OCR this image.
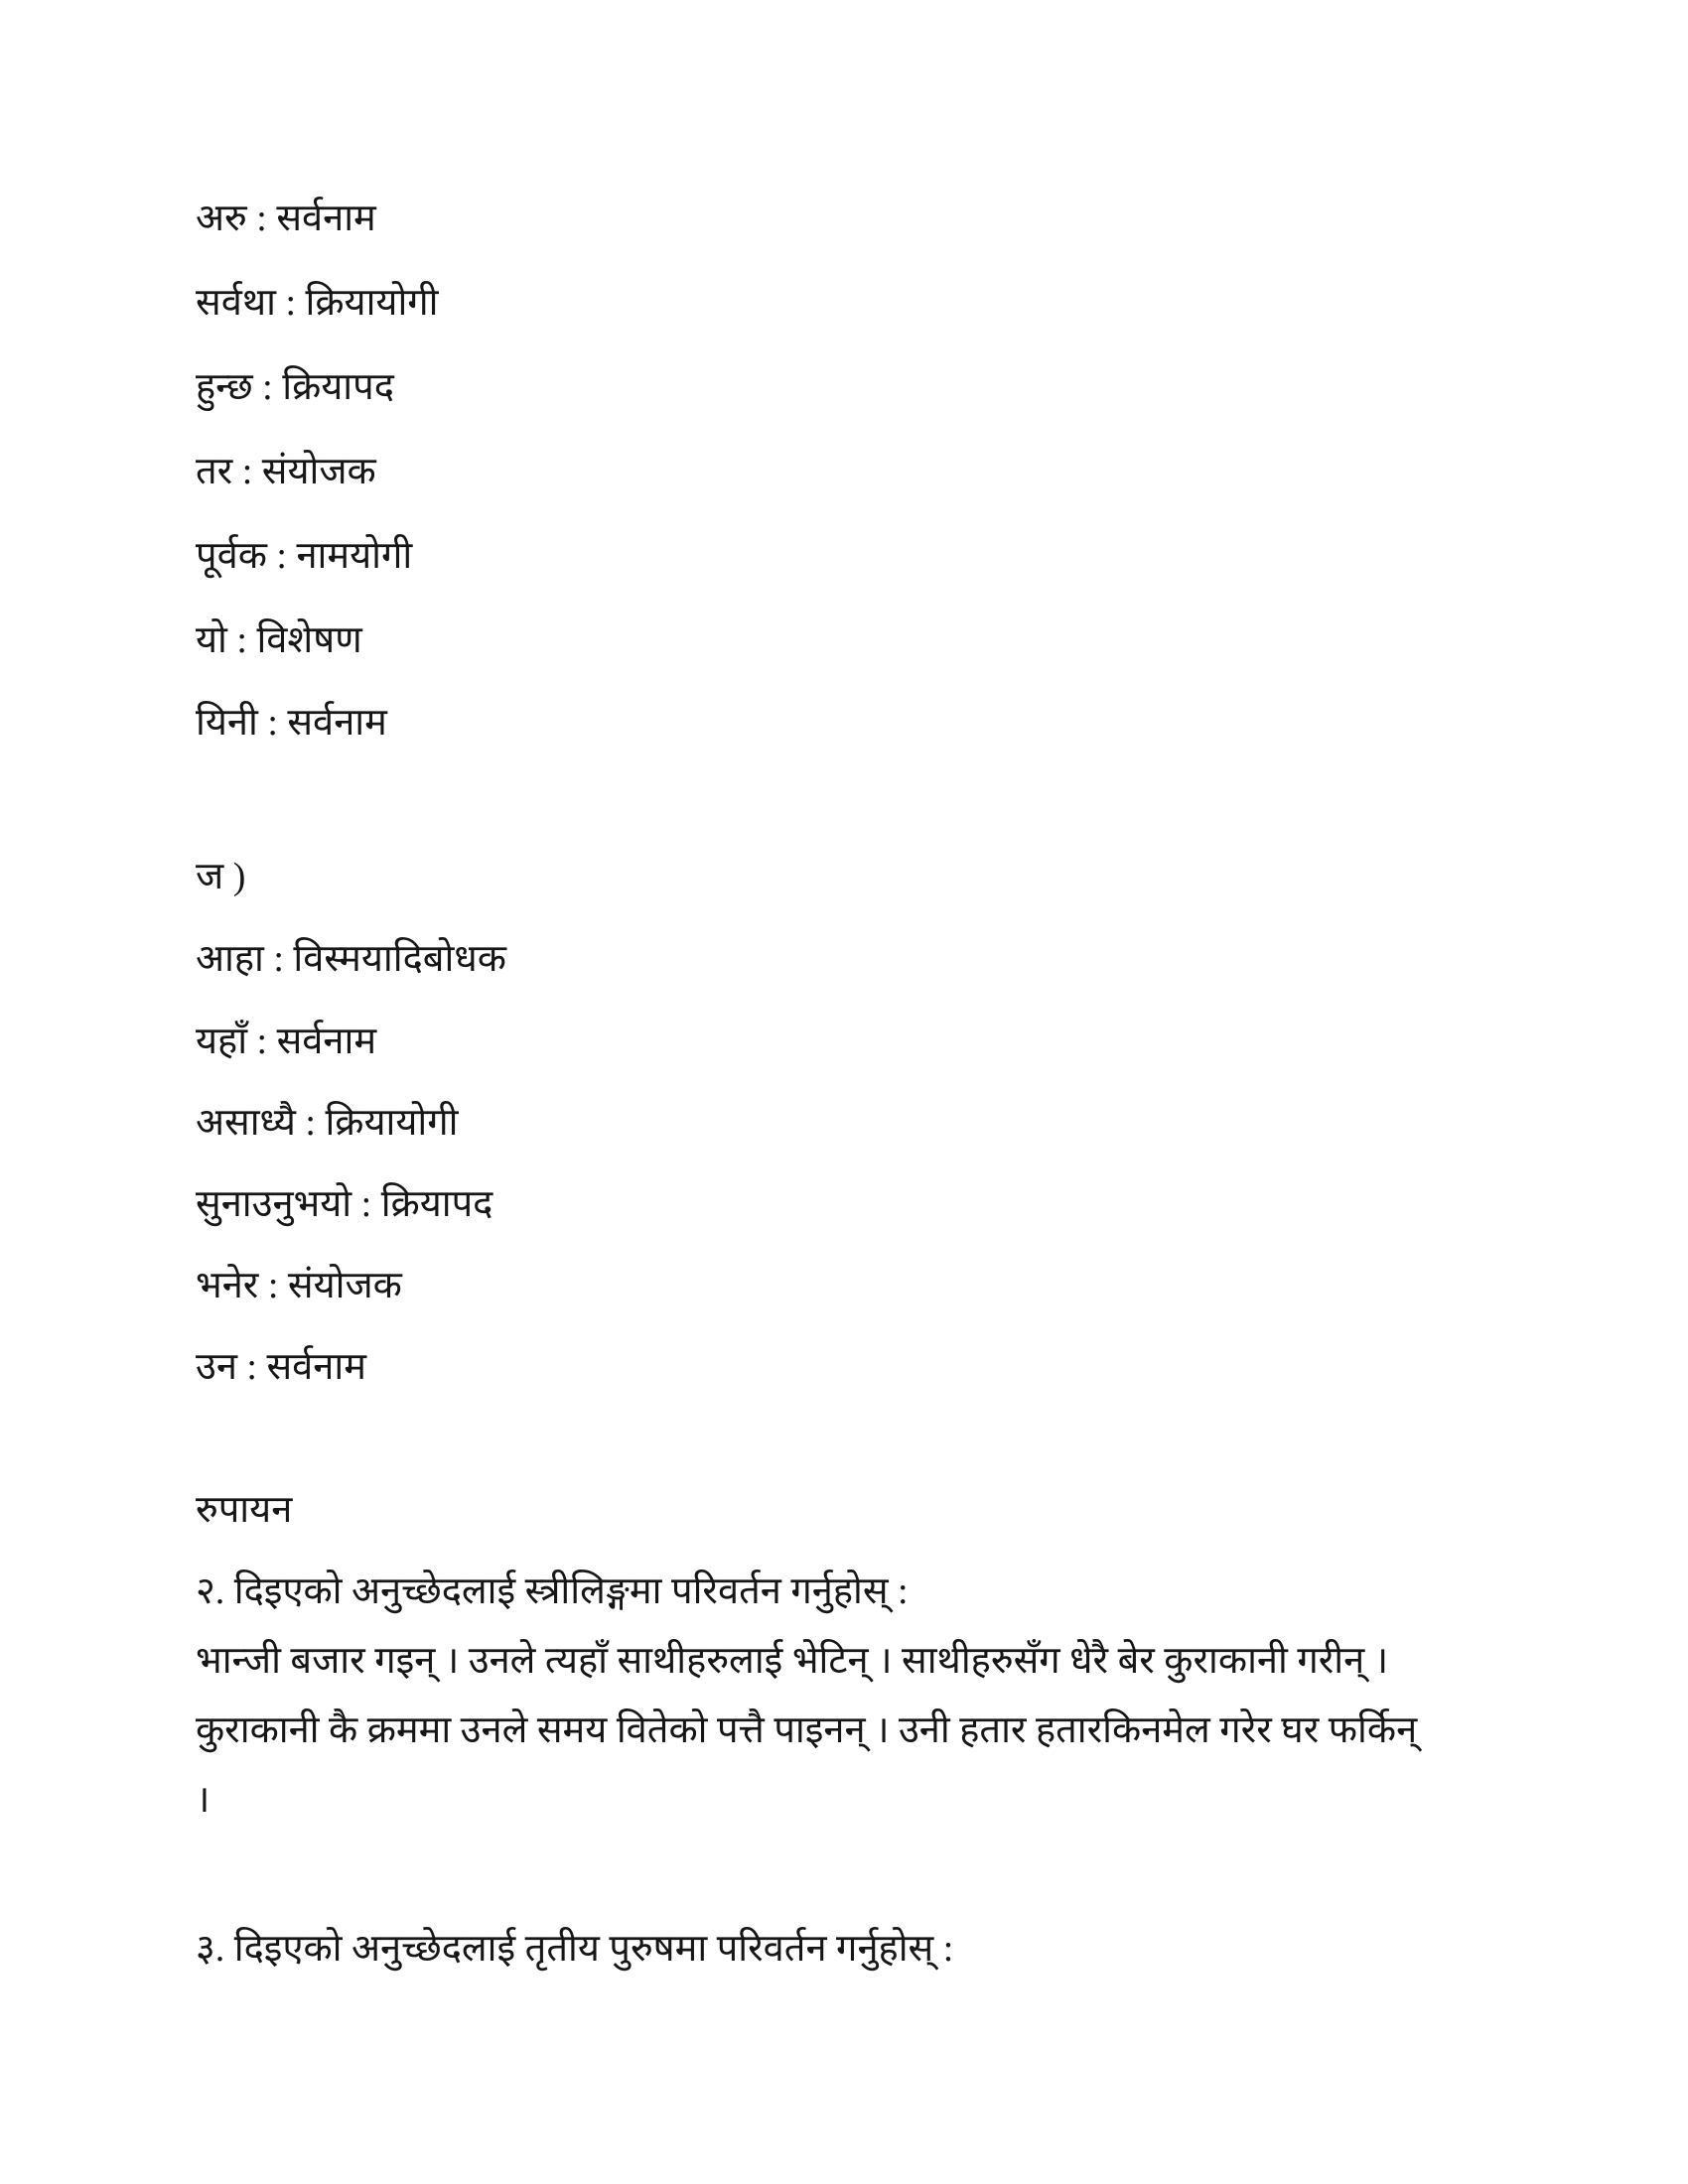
अरु : सर्वनाम
सर्वथा : क्रियायोगी
हुन्छ : क्रियापद
तर : संयोजक
पूर्वक : नामयोगी
यो : विशेषण
यिनी : सर्वनाम
ज )
आहा : विस्मयादिबोधक
यहाँ : सर्वनाम
असाध्यै : क्रियायोगी
सुनाउनुभयो : क्रियापद
भनेर : संयोजक
उन : सर्वनाम
रुपायन
२. दिइएको अनुच्छेदलाई स्त्रीलिङ्गमा परिवर्तन गर्नुहोस् :
भान्जी बजार गइन् । उनले त्यहाँ साथीहरुलाई भेटिन् । साथीहरुसँग धेरै बेर कुराकानी गरीन् ।
कुराकानी कै क्रममा उनले समय वितेको पत्तै पाइनन् । उनी हतार हतारकिनमेल गरेर घर फर्किन्
।
३. दिइएको अनुच्छेदलाई तृतीय पुरुषमा परिवर्तन गर्नुहोस् :
